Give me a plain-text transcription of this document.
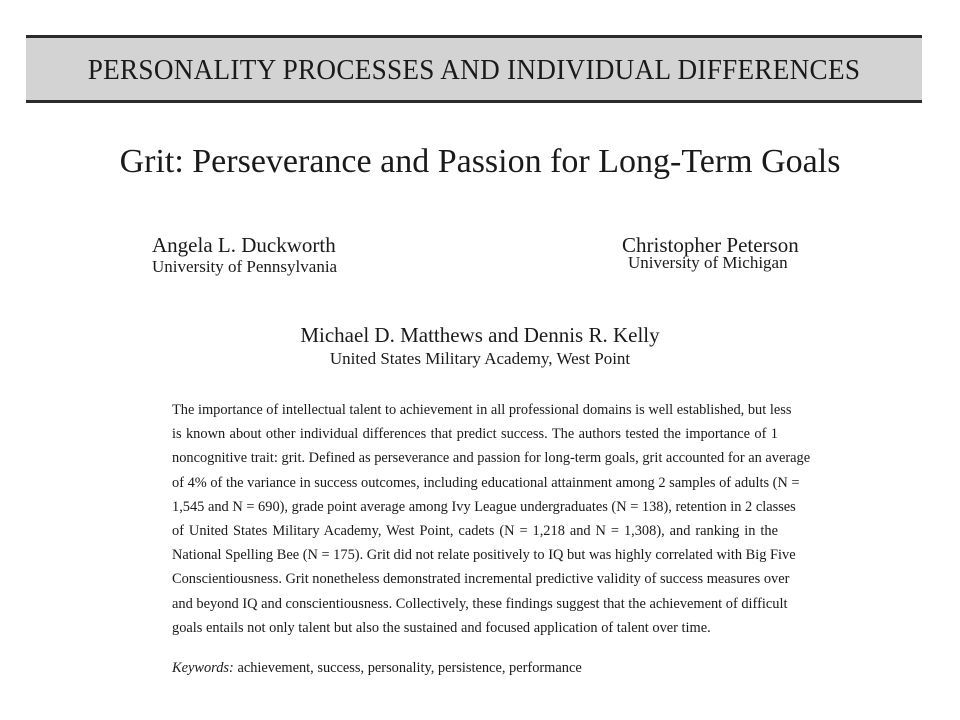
PERSONALITY PROCESSES AND INDIVIDUAL DIFFERENCES
Grit: Perseverance and Passion for Long-Term Goals
Angela L. Duckworth
University of Pennsylvania
Christopher Peterson
University of Michigan
Michael D. Matthews and Dennis R. Kelly
United States Military Academy, West Point
The importance of intellectual talent to achievement in all professional domains is well established, but less
is known about other individual differences that predict success. The authors tested the importance of 1
noncognitive trait: grit. Defined as perseverance and passion for long-term goals, grit accounted for an average
of 4% of the variance in success outcomes, including educational attainment among 2 samples of adults (N =
1,545 and N = 690), grade point average among Ivy League undergraduates (N = 138), retention in 2 classes
of United States Military Academy, West Point, cadets (N = 1,218 and N = 1,308), and ranking in the
National Spelling Bee (N = 175). Grit did not relate positively to IQ but was highly correlated with Big Five
Conscientiousness. Grit nonetheless demonstrated incremental predictive validity of success measures over
and beyond IQ and conscientiousness. Collectively, these findings suggest that the achievement of difficult
goals entails not only talent but also the sustained and focused application of talent over time.
Keywords: achievement, success, personality, persistence, performance
